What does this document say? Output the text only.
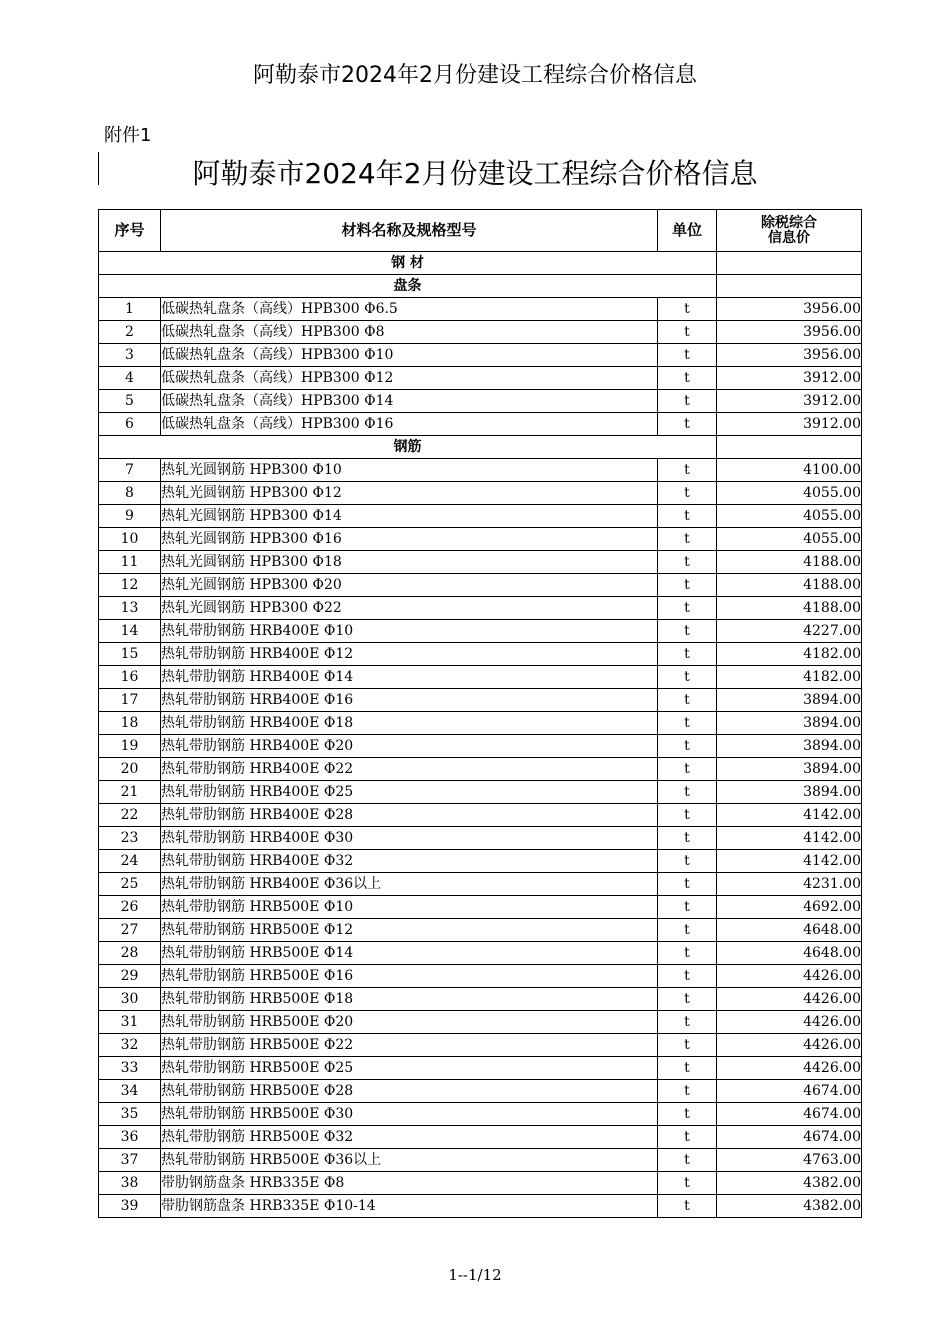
阿勒泰市2024年2月份建设工程综合价格信息
附件1
阿勒泰市2024年2月份建设工程综合价格信息
序号	材料名称及规格型号	单位	除税综合
信息价
钢 材			
盘条			
1	低碳热轧盘条（高线）HPB300 Φ6.5	t	3956.00
2	低碳热轧盘条（高线）HPB300 Φ8	t	3956.00
3	低碳热轧盘条（高线）HPB300 Φ10	t	3956.00
4	低碳热轧盘条（高线）HPB300 Φ12	t	3912.00
5	低碳热轧盘条（高线）HPB300 Φ14	t	3912.00
6	低碳热轧盘条（高线）HPB300 Φ16	t	3912.00
钢筋			
7	热轧光圆钢筋 HPB300 Φ10	t	4100.00
8	热轧光圆钢筋 HPB300 Φ12	t	4055.00
9	热轧光圆钢筋 HPB300 Φ14	t	4055.00
10	热轧光圆钢筋 HPB300 Φ16	t	4055.00
11	热轧光圆钢筋 HPB300 Φ18	t	4188.00
12	热轧光圆钢筋 HPB300 Φ20	t	4188.00
13	热轧光圆钢筋 HPB300 Φ22	t	4188.00
14	热轧带肋钢筋 HRB400E Φ10	t	4227.00
15	热轧带肋钢筋 HRB400E Φ12	t	4182.00
16	热轧带肋钢筋 HRB400E Φ14	t	4182.00
17	热轧带肋钢筋 HRB400E Φ16	t	3894.00
18	热轧带肋钢筋 HRB400E Φ18	t	3894.00
19	热轧带肋钢筋 HRB400E Φ20	t	3894.00
20	热轧带肋钢筋 HRB400E Φ22	t	3894.00
21	热轧带肋钢筋 HRB400E Φ25	t	3894.00
22	热轧带肋钢筋 HRB400E Φ28	t	4142.00
23	热轧带肋钢筋 HRB400E Φ30	t	4142.00
24	热轧带肋钢筋 HRB400E Φ32	t	4142.00
25	热轧带肋钢筋 HRB400E Φ36以上	t	4231.00
26	热轧带肋钢筋 HRB500E Φ10	t	4692.00
27	热轧带肋钢筋 HRB500E Φ12	t	4648.00
28	热轧带肋钢筋 HRB500E Φ14	t	4648.00
29	热轧带肋钢筋 HRB500E Φ16	t	4426.00
30	热轧带肋钢筋 HRB500E Φ18	t	4426.00
31	热轧带肋钢筋 HRB500E Φ20	t	4426.00
32	热轧带肋钢筋 HRB500E Φ22	t	4426.00
33	热轧带肋钢筋 HRB500E Φ25	t	4426.00
34	热轧带肋钢筋 HRB500E Φ28	t	4674.00
35	热轧带肋钢筋 HRB500E Φ30	t	4674.00
36	热轧带肋钢筋 HRB500E Φ32	t	4674.00
37	热轧带肋钢筋 HRB500E Φ36以上	t	4763.00
38	带肋钢筋盘条 HRB335E Φ8	t	4382.00
39	带肋钢筋盘条 HRB335E Φ10-14	t	4382.00
1--1/12
